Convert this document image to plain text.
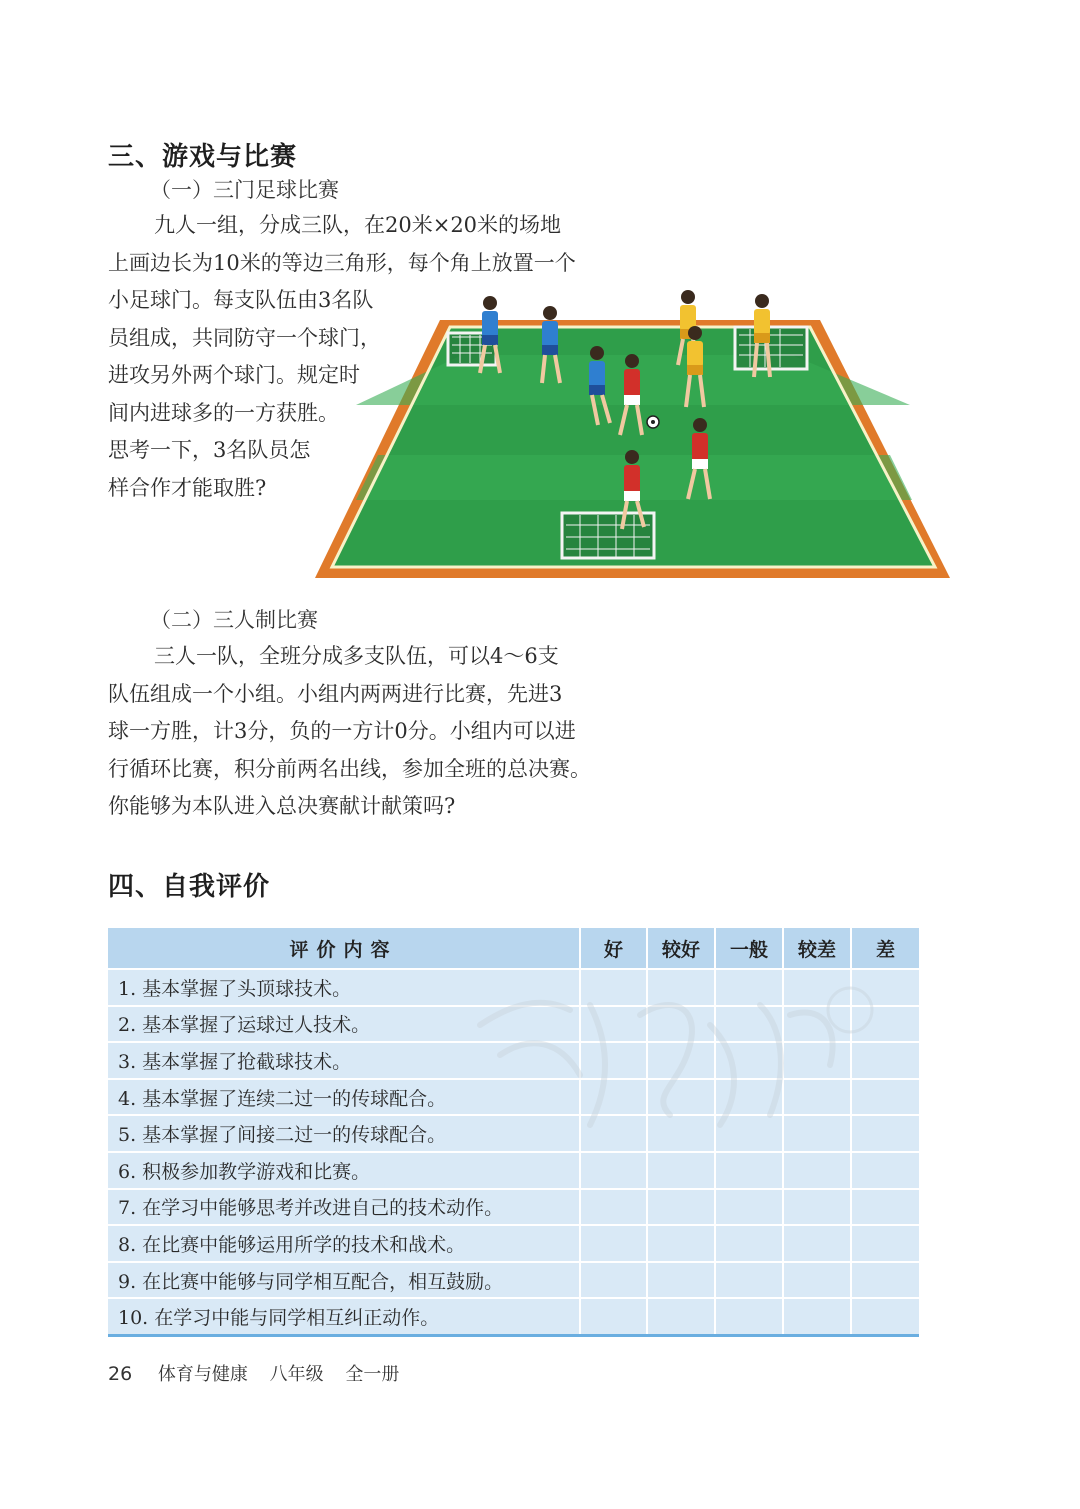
三、游戏与比赛
（一）三门足球比赛

九人一组，分成三队，在20米×20米的场地

上画边长为10米的等边三角形，每个角上放置一个

小足球门。每支队伍由3名队

员组成，共同防守一个球门，

进攻另外两个球门。规定时

间内进球多的一方获胜。

思考一下，3名队员怎

样合作才能取胜?

（二）三人制比赛

三人一队，全班分成多支队伍，可以4～6支

队伍组成一个小组。小组内两两进行比赛，先进3

球一方胜，计3分，负的一方计0分。小组内可以进

行循环比赛，积分前两名出线，参加全班的总决赛。

你能够为本队进入总决赛献计献策吗?

四、自我评价
评价内容	好	较好	一般	较差	差
1. 基本掌握了头顶球技术。					
2. 基本掌握了运球过人技术。					
3. 基本掌握了抢截球技术。					
4. 基本掌握了连续二过一的传球配合。					
5. 基本掌握了间接二过一的传球配合。					
6. 积极参加教学游戏和比赛。					
7. 在学习中能够思考并改进自己的技术动作。					
8. 在比赛中能够运用所学的技术和战术。					
9. 在比赛中能够与同学相互配合，相互鼓励。					
10. 在学习中能与同学相互纠正动作。					
26 体育与健康 八年级 全一册
